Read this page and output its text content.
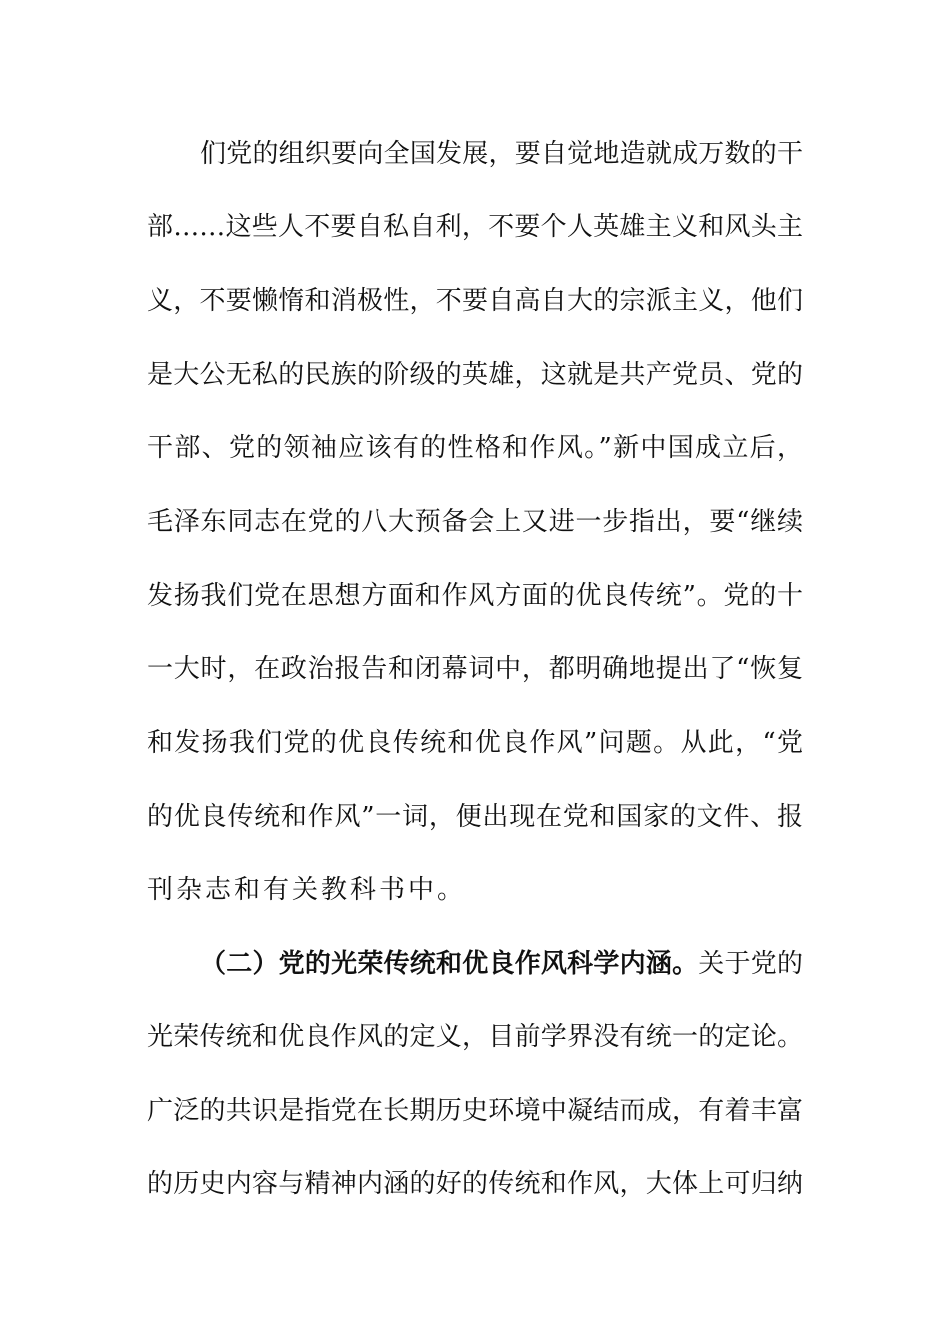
们党的组织要向全国发展，要自觉地造就成万数的干
部……这些人不要自私自利，不要个人英雄主义和风头主
义，不要懒惰和消极性，不要自高自大的宗派主义，他们
是大公无私的民族的阶级的英雄，这就是共产党员、党的
干部、党的领袖应该有的性格和作风。”新中国成立后，
毛泽东同志在党的八大预备会上又进一步指出，要“继续
发扬我们党在思想方面和作风方面的优良传统”。党的十
一大时，在政治报告和闭幕词中，都明确地提出了“恢复
和发扬我们党的优良传统和优良作风”问题。从此，“党
的优良传统和作风”一词，便出现在党和国家的文件、报
刊杂志和有关教科书中。
（二）党的光荣传统和优良作风科学内涵。关于党的
光荣传统和优良作风的定义，目前学界没有统一的定论。
广泛的共识是指党在长期历史环境中凝结而成，有着丰富
的历史内容与精神内涵的好的传统和作风，大体上可归纳
